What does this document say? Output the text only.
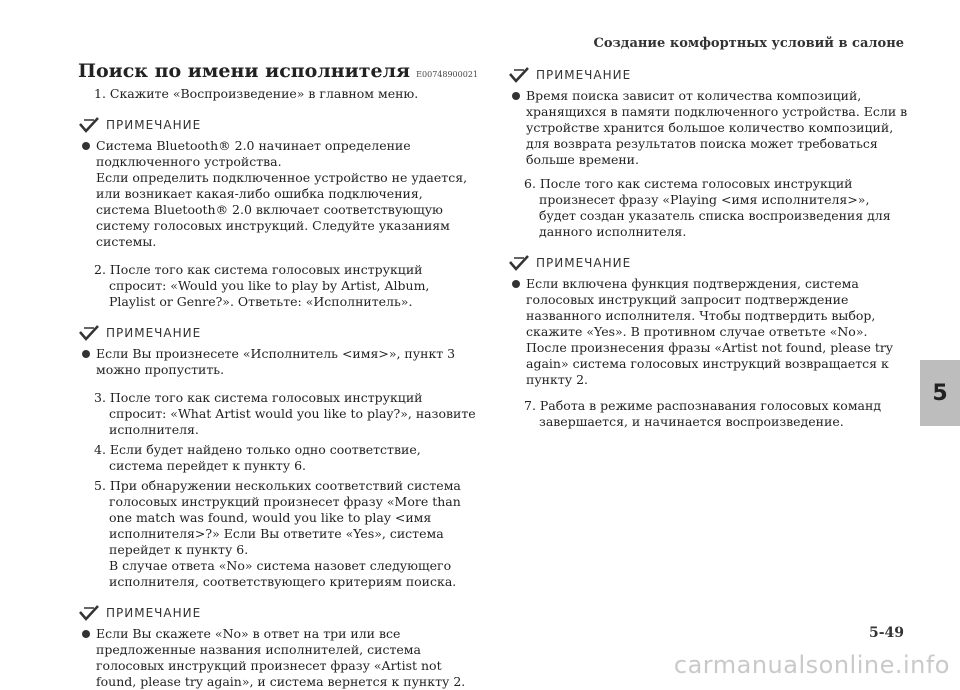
Создание комфортных условий в салоне
Поиск по имени исполнителя E00748900021

1. Скажите «Воспроизведение» в главном меню.

ПРИМЕЧАНИЕ

Система Bluetooth® 2.0 начинает определение подключенного устройства.

Если определить подключенное устройство не удается, или возникает какая-либо ошибка подключения, система Bluetooth® 2.0 включает соответствующую систему голосовых инструкций. Следуйте указаниям системы.

2. После того как система голосовых инструкций спросит: «Would you like to play by Artist, Album, Playlist or Genre?». Ответьте: «Исполнитель».

ПРИМЕЧАНИЕ

Если Вы произнесете «Исполнитель <имя>», пункт 3 можно пропустить.

3. После того как система голосовых инструкций спросит: «What Artist would you like to play?», назовите исполнителя.

4. Если будет найдено только одно соответствие, система перейдет к пункту 6.

5. При обнаружении нескольких соответствий система голосовых инструкций произнесет фразу «More than one match was found, would you like to play <имя исполнителя>?» Если Вы ответите «Yes», система перейдет к пункту 6.

В случае ответа «No» система назовет следующего исполнителя, соответствующего критериям поиска.

ПРИМЕЧАНИЕ

Если Вы скажете «No» в ответ на три или все предложенные названия исполнителей, система голосовых инструкций произнесет фразу «Artist not found, please try again», и система вернется к пункту 2.

ПРИМЕЧАНИЕ

Время поиска зависит от количества композиций, хранящихся в памяти подключенного устройства. Если в устройстве хранится большое количество композиций, для возврата результатов поиска может требоваться больше времени.

6. После того как система голосовых инструкций произнесет фразу «Playing <имя исполнителя>», будет создан указатель списка воспроизведения для данного исполнителя.

ПРИМЕЧАНИЕ

Если включена функция подтверждения, система голосовых инструкций запросит подтверждение названного исполнителя. Чтобы подтвердить выбор, скажите «Yes». В противном случае ответьте «No». После произнесения фразы «Artist not found, please try again» система голосовых инструкций возвращается к пункту 2.

7. Работа в режиме распознавания голосовых команд завершается, и начинается воспроизведение.

5
5-49
carmanualsonline.info
